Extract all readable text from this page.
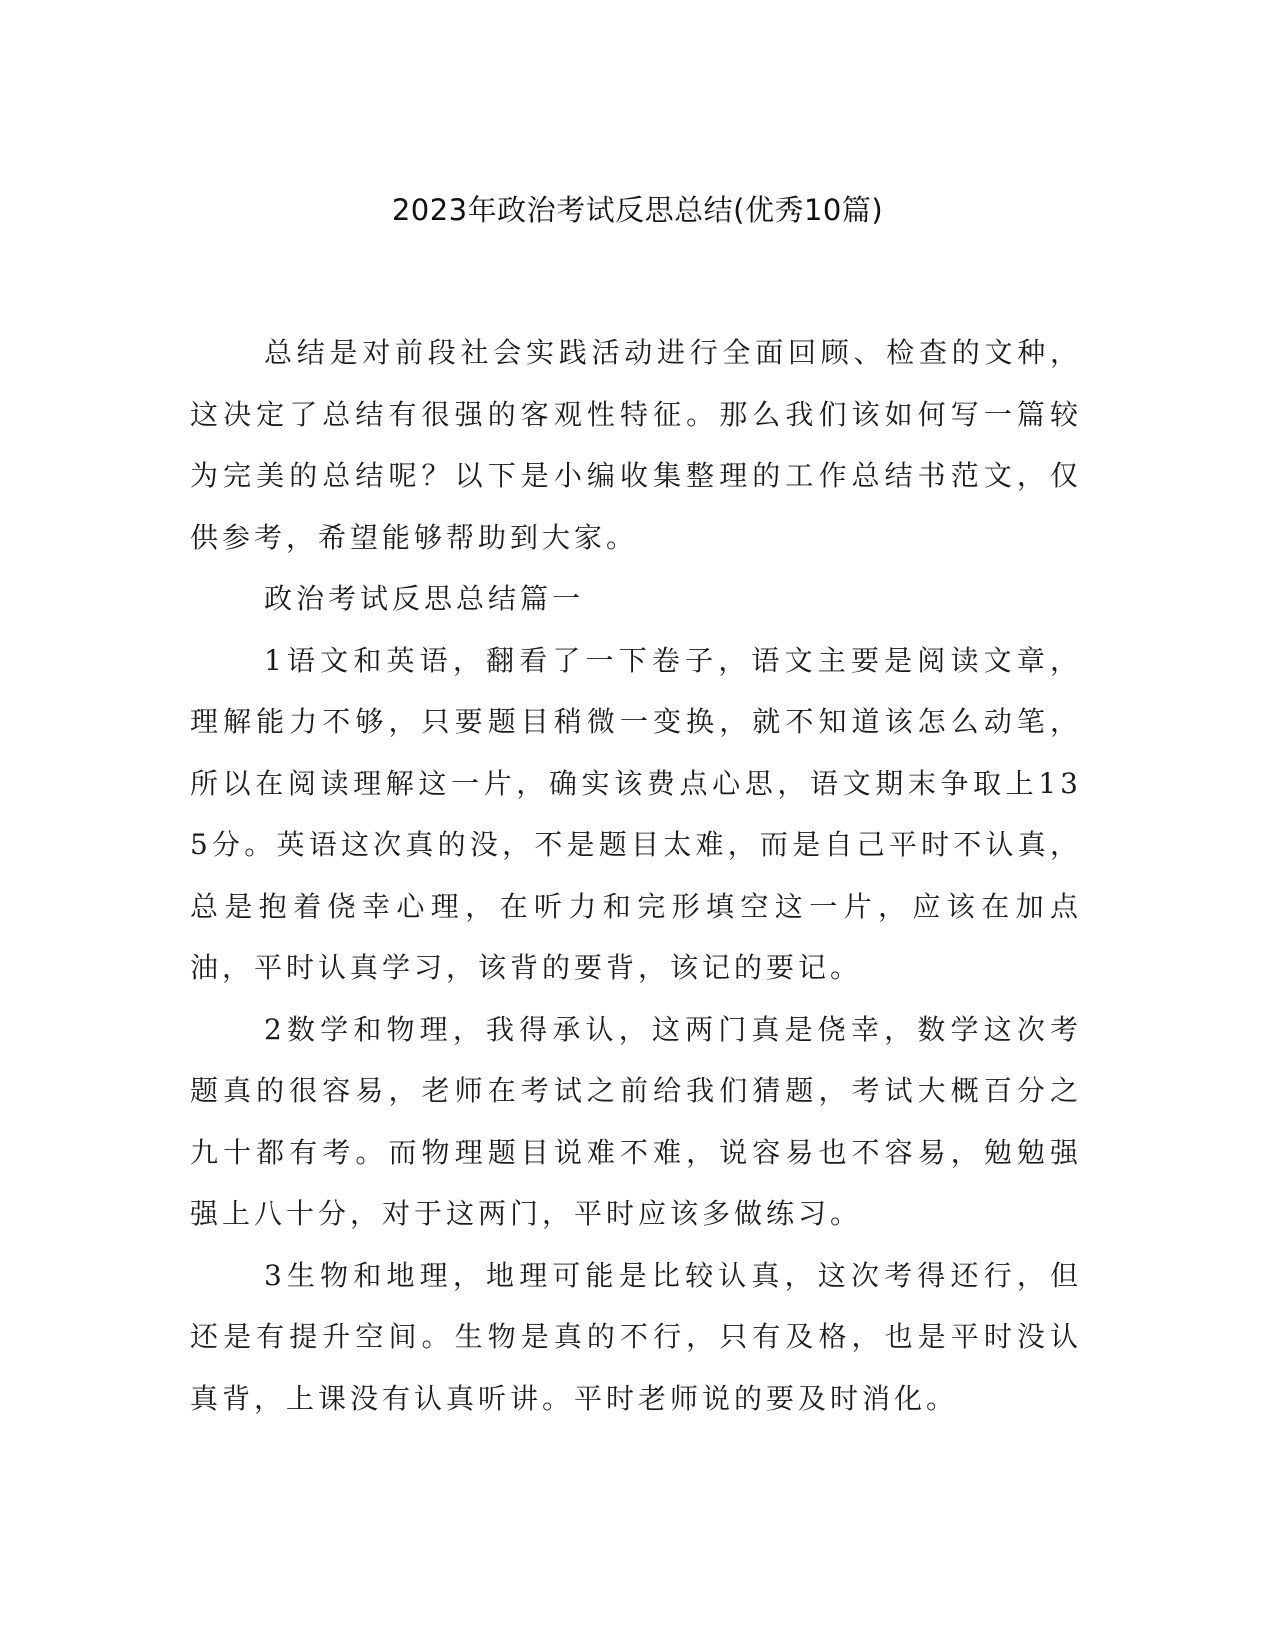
2023年政治考试反思总结(优秀10篇)

总结是对前段社会实践活动进行全面回顾、检查的文种，这决定了总结有很强的客观性特征。那么我们该如何写一篇较为完美的总结呢？以下是小编收集整理的工作总结书范文，仅供参考，希望能够帮助到大家。

政治考试反思总结篇一

1语文和英语，翻看了一下卷子，语文主要是阅读文章，理解能力不够，只要题目稍微一变换，就不知道该怎么动笔，所以在阅读理解这一片，确实该费点心思，语文期末争取上135分。英语这次真的没，不是题目太难，而是自己平时不认真，总是抱着侥幸心理，在听力和完形填空这一片，应该在加点油，平时认真学习，该背的要背，该记的要记。

2数学和物理，我得承认，这两门真是侥幸，数学这次考题真的很容易，老师在考试之前给我们猜题，考试大概百分之九十都有考。而物理题目说难不难，说容易也不容易，勉勉强强上八十分，对于这两门，平时应该多做练习。

3生物和地理，地理可能是比较认真，这次考得还行，但还是有提升空间。生物是真的不行，只有及格，也是平时没认真背，上课没有认真听讲。平时老师说的要及时消化。
